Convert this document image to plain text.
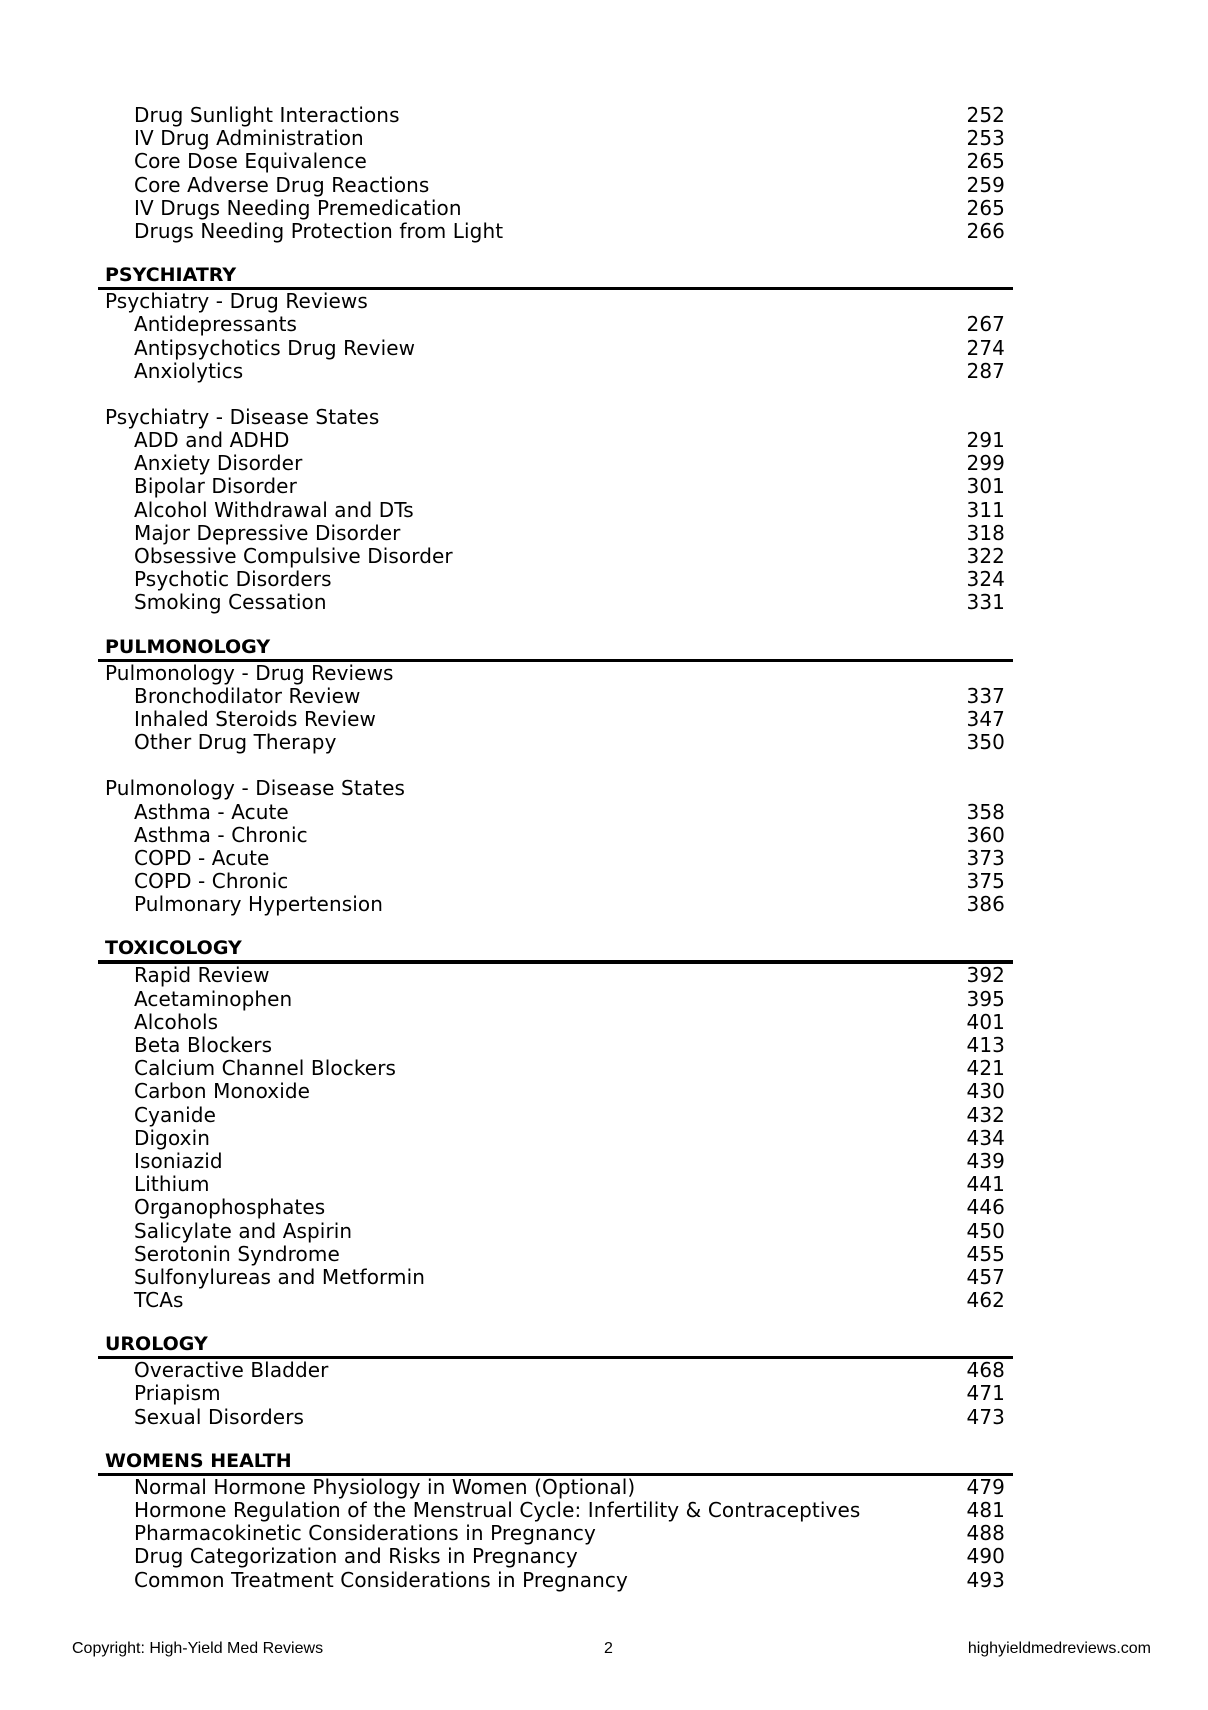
Drug Sunlight Interactions	252
IV Drug Administration	253
Core Dose Equivalence	265
Core Adverse Drug Reactions	259
IV Drugs Needing Premedication	265
Drugs Needing Protection from Light	266
PSYCHIATRY
Psychiatry - Drug Reviews
Antidepressants	267
Antipsychotics Drug Review	274
Anxiolytics	287
Psychiatry - Disease States
ADD and ADHD	291
Anxiety Disorder	299
Bipolar Disorder	301
Alcohol Withdrawal and DTs	311
Major Depressive Disorder	318
Obsessive Compulsive Disorder	322
Psychotic Disorders	324
Smoking Cessation	331
PULMONOLOGY
Pulmonology - Drug Reviews
Bronchodilator Review	337
Inhaled Steroids Review	347
Other Drug Therapy	350
Pulmonology - Disease States
Asthma - Acute	358
Asthma - Chronic	360
COPD - Acute	373
COPD - Chronic	375
Pulmonary Hypertension	386
TOXICOLOGY
Rapid Review	392
Acetaminophen	395
Alcohols	401
Beta Blockers	413
Calcium Channel Blockers	421
Carbon Monoxide	430
Cyanide	432
Digoxin	434
Isoniazid	439
Lithium	441
Organophosphates	446
Salicylate and Aspirin	450
Serotonin Syndrome	455
Sulfonylureas and Metformin	457
TCAs	462
UROLOGY
Overactive Bladder	468
Priapism	471
Sexual Disorders	473
WOMENS HEALTH
Normal Hormone Physiology in Women (Optional)	479
Hormone Regulation of the Menstrual Cycle: Infertility & Contraceptives	481
Pharmacokinetic Considerations in Pregnancy	488
Drug Categorization and Risks in Pregnancy	490
Common Treatment Considerations in Pregnancy	493
Copyright: High-Yield Med Reviews	2	highyieldmedreviews.com
